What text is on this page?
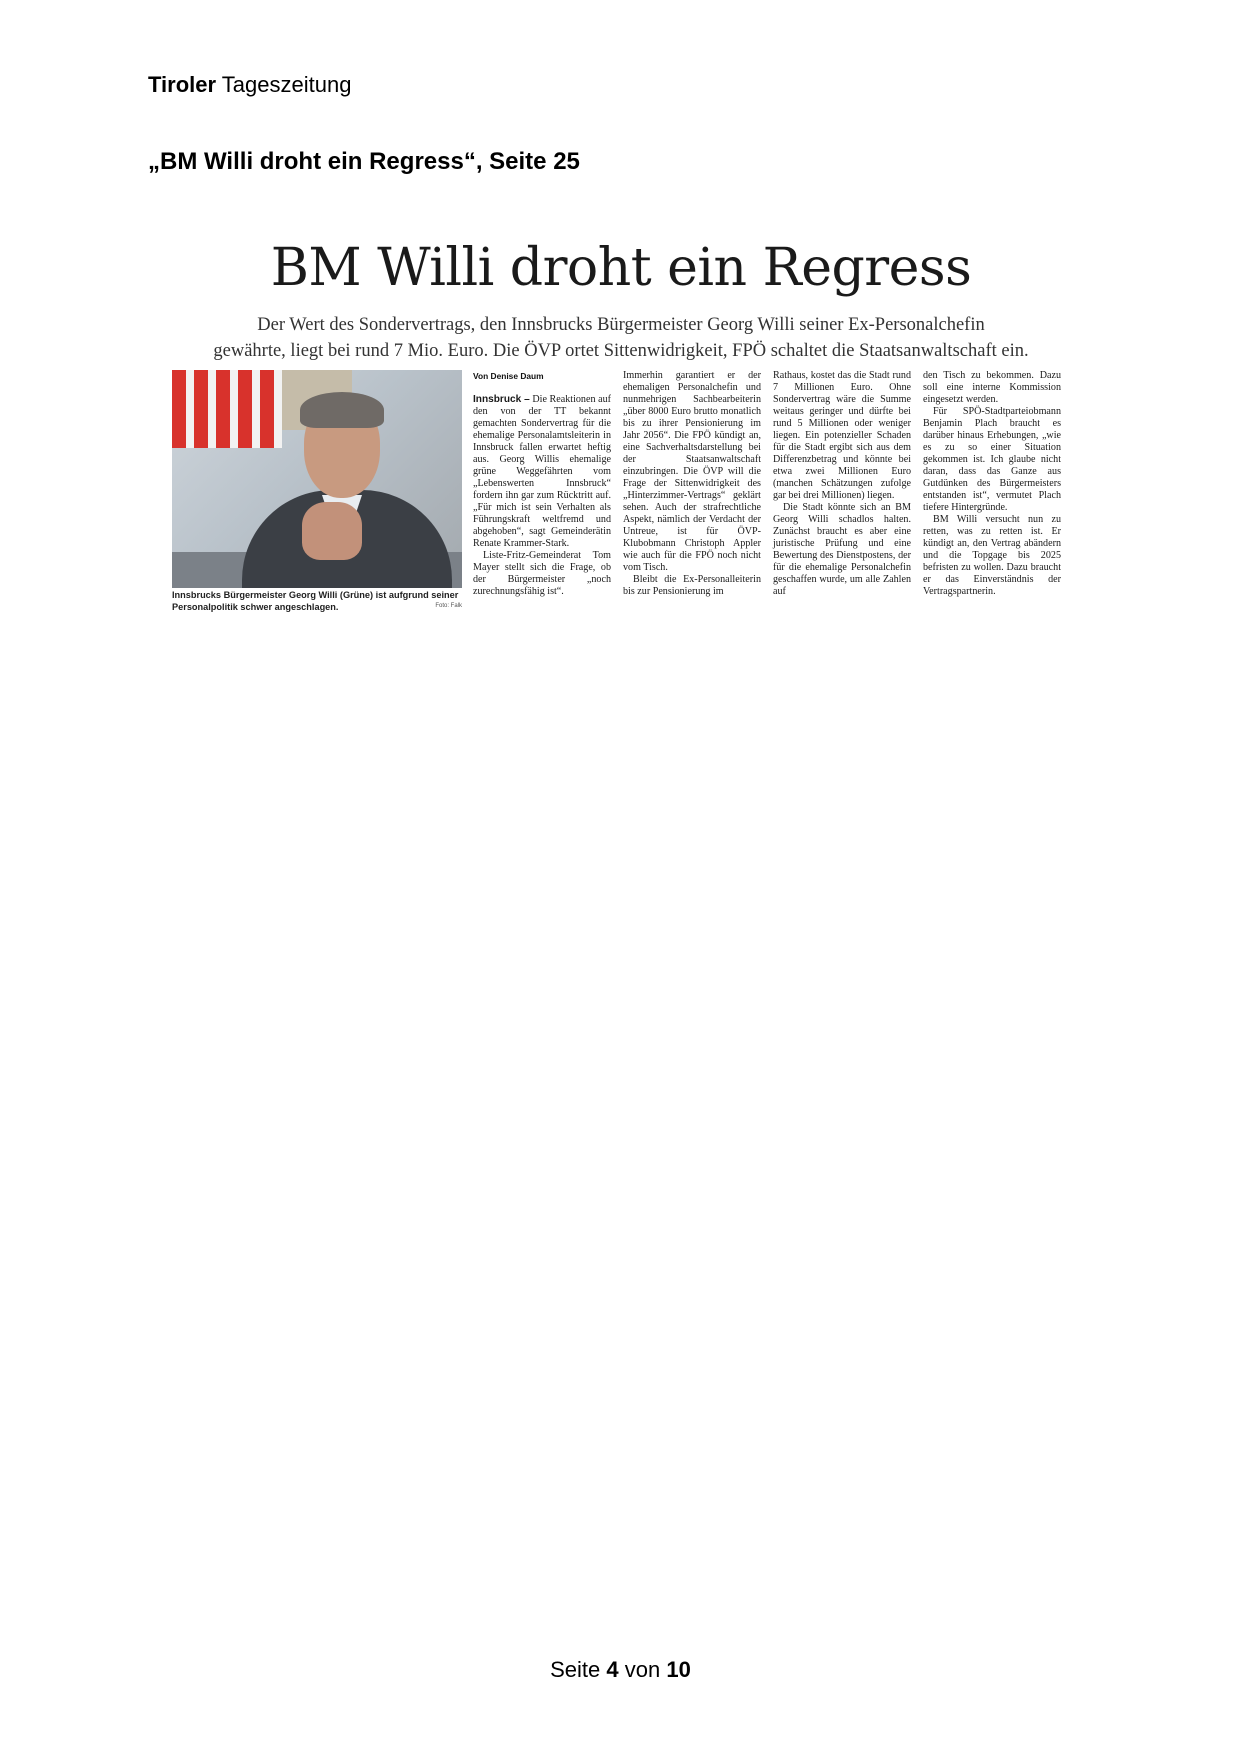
Tiroler Tageszeitung
„BM Willi droht ein Regress“, Seite 25
BM Willi droht ein Regress
Der Wert des Sondervertrags, den Innsbrucks Bürgermeister Georg Willi seiner Ex-Personalchefin
gewährte, liegt bei rund 7 Mio. Euro. Die ÖVP ortet Sittenwidrigkeit, FPÖ schaltet die Staatsanwaltschaft ein.
Innsbrucks Bürgermeister Georg Willi (Grüne) ist aufgrund seiner Personalpolitik schwer angeschlagen.	Foto: Falk
Von Denise Daum

Innsbruck – Die Reaktionen auf den von der TT bekannt gemachten Sondervertrag für die ehemalige Personalamtsleiterin in Innsbruck fallen erwartet heftig aus. Georg Willis ehemalige grüne Weggefährten vom „Lebenswerten Innsbruck“ fordern ihn gar zum Rücktritt auf. „Für mich ist sein Verhalten als Führungskraft weltfremd und abgehoben“, sagt Gemeinderätin Renate Krammer-Stark.

Liste-Fritz-Gemeinderat Tom Mayer stellt sich die Frage, ob der Bürgermeister „noch zurechnungsfähig ist“.

Immerhin garantiert er der ehemaligen Personalchefin und nunmehrigen Sachbearbeiterin „über 8000 Euro brutto monatlich bis zu ihrer Pensionierung im Jahr 2056“. Die FPÖ kündigt an, eine Sachverhaltsdarstellung bei der Staatsanwaltschaft einzubringen. Die ÖVP will die Frage der Sittenwidrigkeit des „Hinterzimmer-Vertrags“ geklärt sehen. Auch der strafrechtliche Aspekt, nämlich der Verdacht der Untreue, ist für ÖVP-Klubobmann Christoph Appler wie auch für die FPÖ noch nicht vom Tisch.

Bleibt die Ex-Personalleiterin bis zur Pensionierung im

Rathaus, kostet das die Stadt rund 7 Millionen Euro. Ohne Sondervertrag wäre die Summe weitaus geringer und dürfte bei rund 5 Millionen oder weniger liegen. Ein potenzieller Schaden für die Stadt ergibt sich aus dem Differenzbetrag und könnte bei etwa zwei Millionen Euro (manchen Schätzungen zufolge gar bei drei Millionen) liegen.

Die Stadt könnte sich an BM Georg Willi schadlos halten. Zunächst braucht es aber eine juristische Prüfung und eine Bewertung des Dienstpostens, der für die ehemalige Personalchefin geschaffen wurde, um alle Zahlen auf

den Tisch zu bekommen. Dazu soll eine interne Kommission eingesetzt werden.

Für SPÖ-Stadtparteiobmann Benjamin Plach braucht es darüber hinaus Erhebungen, „wie es zu so einer Situation gekommen ist. Ich glaube nicht daran, dass das Ganze aus Gutdünken des Bürgermeisters entstanden ist“, vermutet Plach tiefere Hintergründe.

BM Willi versucht nun zu retten, was zu retten ist. Er kündigt an, den Vertrag abändern und die Topgage bis 2025 befristen zu wollen. Dazu braucht er das Einverständnis der Vertragspartnerin.

Seite 4 von 10
